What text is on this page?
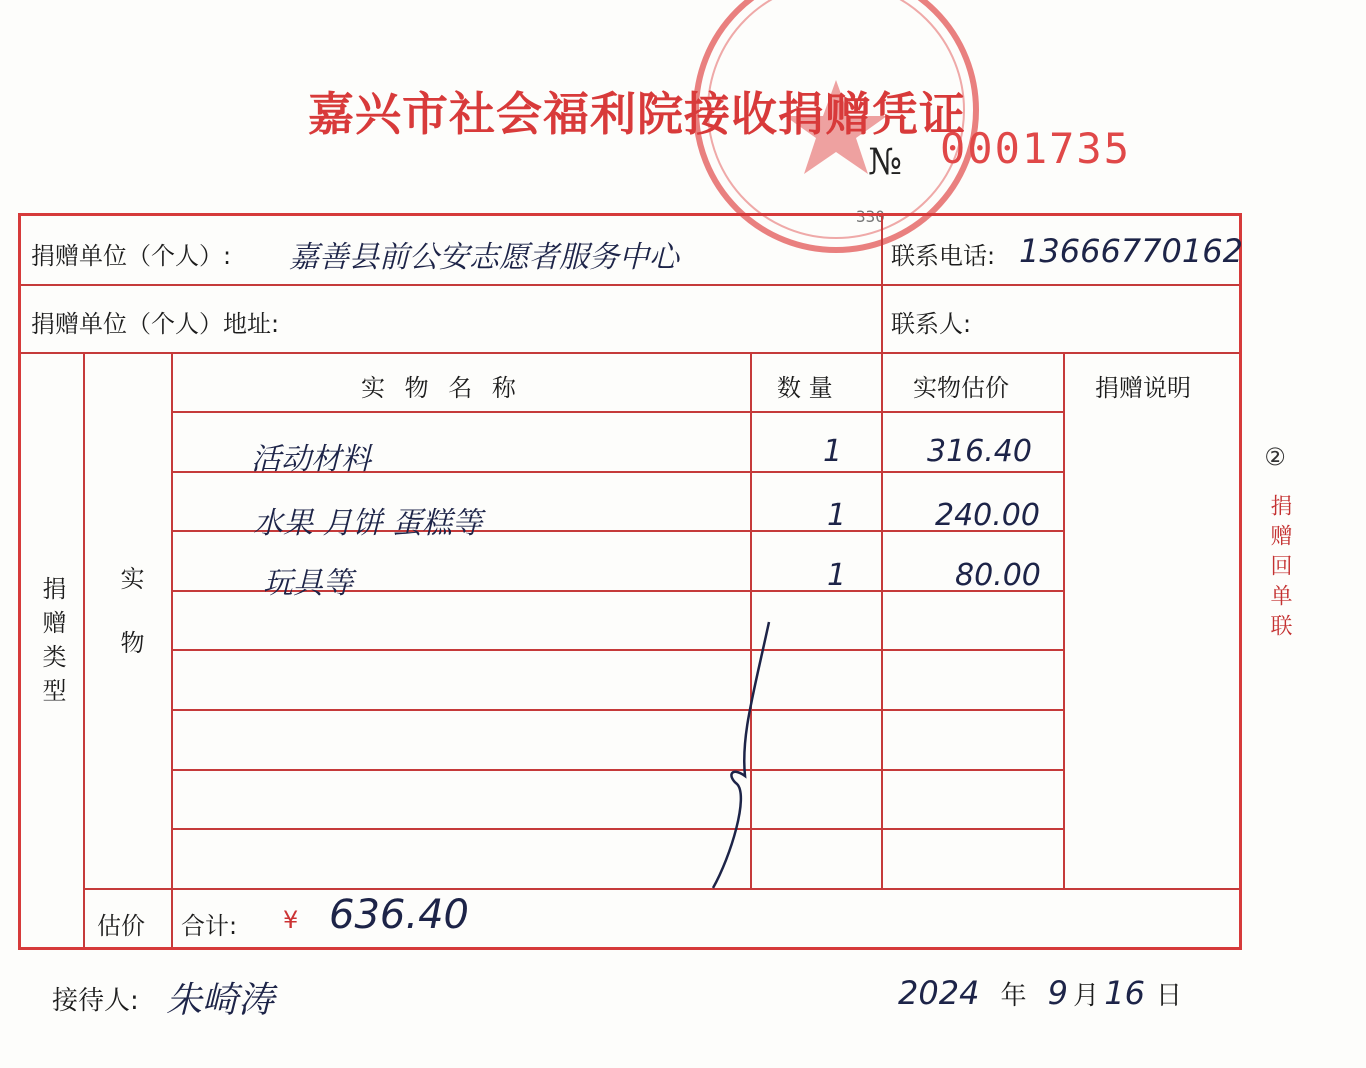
330
嘉兴市社会福利院接收捐赠凭证
№ 0001735
捐赠单位（个人）: 嘉善县前公安志愿者服务中心	联系电话: 13666770162
捐赠单位（个人）地址:	联系人:
捐赠类型 实物
实 物 名 称	数 量	实物估价	捐赠说明
活动材料	1	316.40
水果 月饼 蛋糕等	1	240.00
玩具等	1	80.00
估价 合计: ¥ 636.40
②
捐赠回单联
接待人: 朱崎涛	2024 年 9 月 16 日
